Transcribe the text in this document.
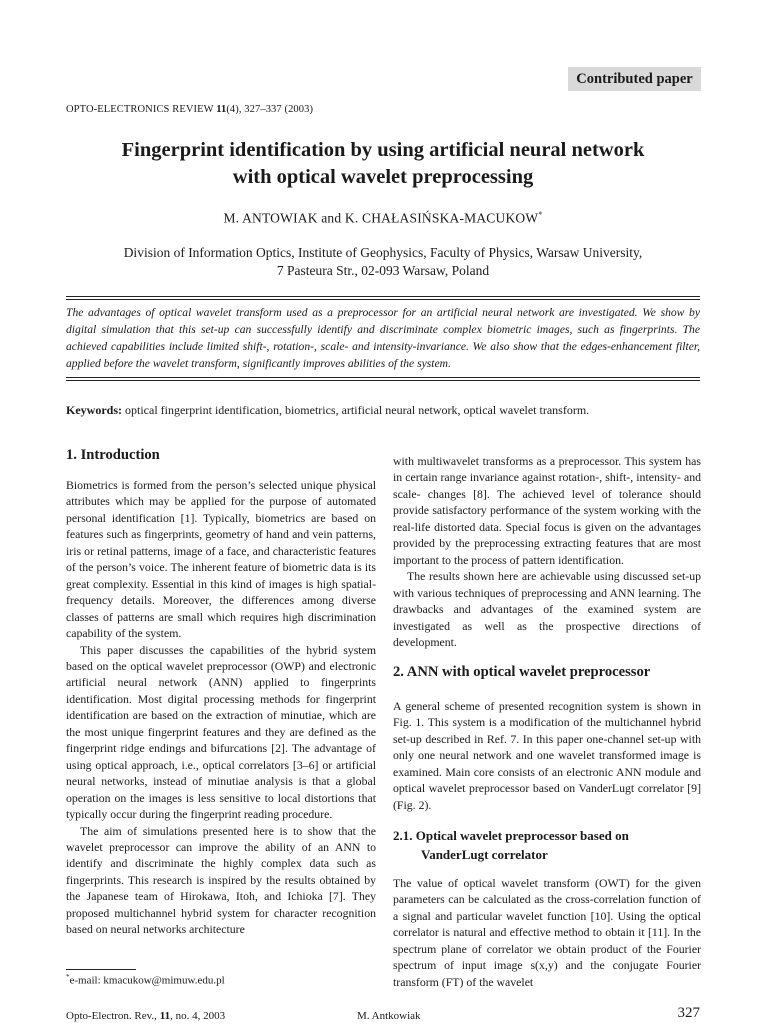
Contributed paper
OPTO-ELECTRONICS REVIEW 11(4), 327–337 (2003)
Fingerprint identification by using artificial neural network
with optical wavelet preprocessing
M. ANTOWIAK and K. CHAŁASIŃSKA-MACUKOW*
Division of Information Optics, Institute of Geophysics, Faculty of Physics, Warsaw University,
7 Pasteura Str., 02-093 Warsaw, Poland
The advantages of optical wavelet transform used as a preprocessor for an artificial neural network are investigated. We show by digital simulation that this set-up can successfully identify and discriminate complex biometric images, such as fingerprints. The achieved capabilities include limited shift-, rotation-, scale- and intensity-invariance. We also show that the edges-enhancement filter, applied before the wavelet transform, significantly improves abilities of the system.
Keywords: optical fingerprint identification, biometrics, artificial neural network, optical wavelet transform.
1. Introduction

Biometrics is formed from the person’s selected unique physical attributes which may be applied for the purpose of automated personal identification [1]. Typically, biometrics are based on features such as fingerprints, geometry of hand and vein patterns, iris or retinal patterns, image of a face, and characteristic features of the person’s voice. The inherent feature of biometric data is its great complexity. Essential in this kind of images is high spatial-frequency details. Moreover, the differences among diverse classes of patterns are small which requires high discrimination capability of the system.

This paper discusses the capabilities of the hybrid system based on the optical wavelet preprocessor (OWP) and electronic artificial neural network (ANN) applied to fingerprints identification. Most digital processing methods for fingerprint identification are based on the extraction of minutiae, which are the most unique fingerprint features and they are defined as the fingerprint ridge endings and bifurcations [2]. The advantage of using optical approach, i.e., optical correlators [3–6] or artificial neural networks, instead of minutiae analysis is that a global operation on the images is less sensitive to local distortions that typically occur during the fingerprint reading procedure.

The aim of simulations presented here is to show that the wavelet preprocessor can improve the ability of an ANN to identify and discriminate the highly complex data such as fingerprints. This research is inspired by the results obtained by the Japanese team of Hirokawa, Itoh, and Ichioka [7]. They proposed multichannel hybrid system for character recognition based on neural networks architecture

with multiwavelet transforms as a preprocessor. This system has in certain range invariance against rotation-, shift-, intensity- and scale- changes [8]. The achieved level of tolerance should provide satisfactory performance of the system working with the real-life distorted data. Special focus is given on the advantages provided by the preprocessing extracting features that are most important to the process of pattern identification.

The results shown here are achievable using discussed set-up with various techniques of preprocessing and ANN learning. The drawbacks and advantages of the examined system are investigated as well as the prospective directions of development.

2. ANN with optical wavelet preprocessor

A general scheme of presented recognition system is shown in Fig. 1. This system is a modification of the multichannel hybrid set-up described in Ref. 7. In this paper one-channel set-up with only one neural network and one wavelet transformed image is examined. Main core consists of an electronic ANN module and optical wavelet preprocessor based on VanderLugt correlator [9] (Fig. 2).

2.1. Optical wavelet preprocessor based on
VanderLugt correlator

The value of optical wavelet transform (OWT) for the given parameters can be calculated as the cross-correlation function of a signal and particular wavelet function [10]. Using the optical correlator is natural and effective method to obtain it [11]. In the spectrum plane of correlator we obtain product of the Fourier spectrum of input image s(x,y) and the conjugate Fourier transform (FT) of the wavelet

*e-mail: kmacukow@mimuw.edu.pl
Opto-Electron. Rev., 11, no. 4, 2003	M. Antkowiak	327
